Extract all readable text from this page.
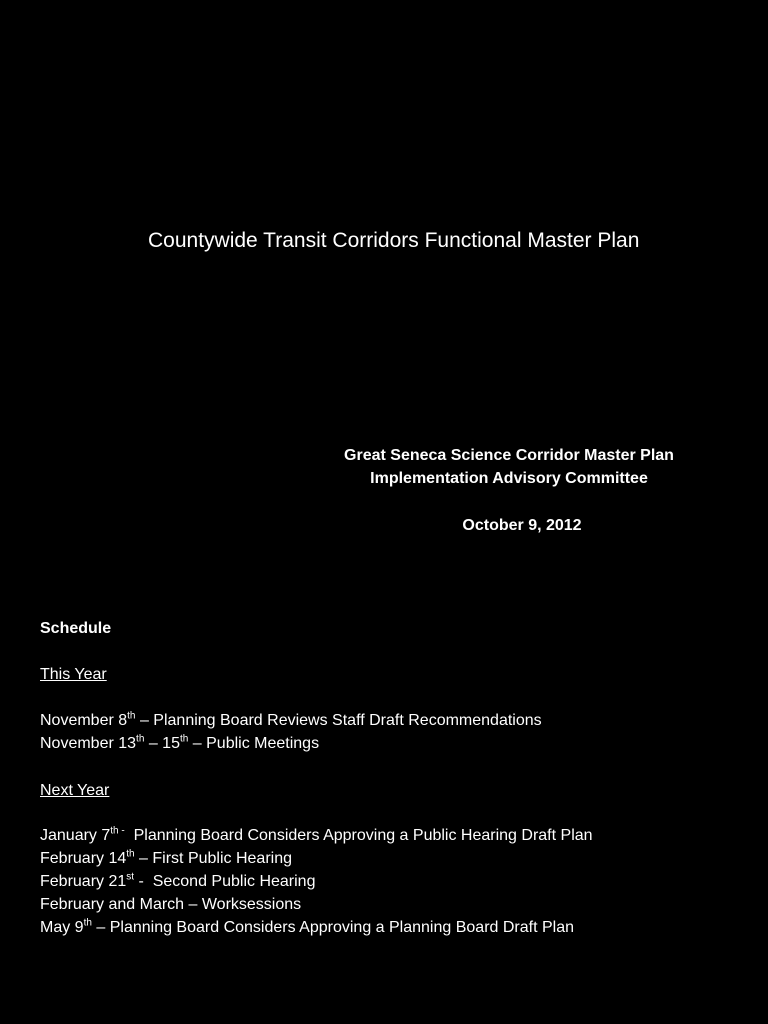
Countywide Transit Corridors Functional Master Plan
Great Seneca Science Corridor Master Plan
Implementation Advisory Committee
October 9, 2012
Schedule
This Year
November 8th – Planning Board Reviews Staff Draft Recommendations
November 13th – 15th – Public Meetings
Next Year
January $7^{th -}$  Planning Board Considers Approving a Public Hearing Draft Plan
February 14th – First Public Hearing
February 21st -  Second Public Hearing
February and March – Worksessions
May 9th – Planning Board Considers Approving a Planning Board Draft Plan
